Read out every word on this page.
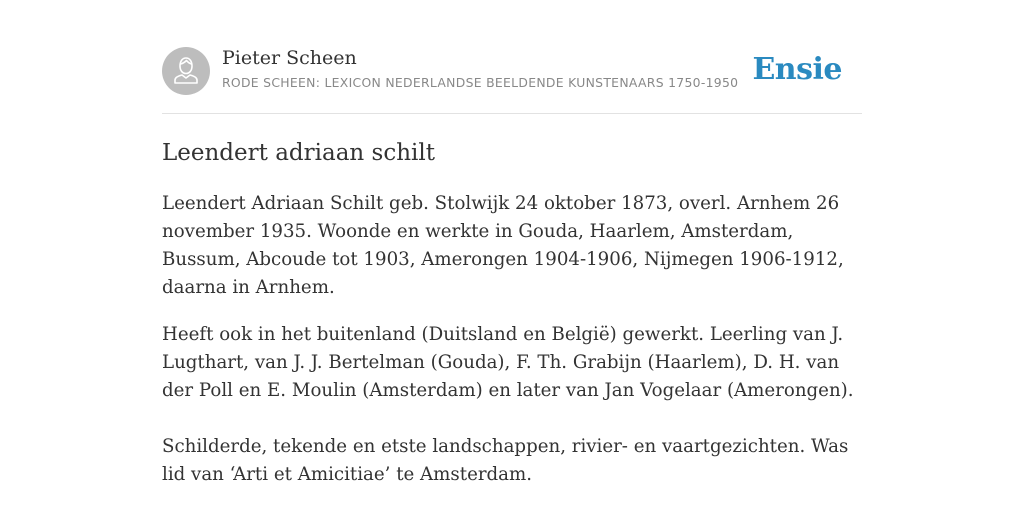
Pieter Scheen
RODE SCHEEN: LEXICON NEDERLANDSE BEELDENDE KUNSTENAARS 1750-1950 Ensie
Leendert adriaan schilt

Leendert Adriaan Schilt geb. Stolwijk 24 oktober 1873, overl. Arnhem 26 november 1935. Woonde en werkte in Gouda, Haarlem, Amsterdam, Bussum, Abcoude tot 1903, Amerongen 1904-1906, Nijmegen 1906-1912, daarna in Arnhem.

Heeft ook in het buitenland (Duitsland en België) gewerkt. Leerling van J. Lugthart, van J. J. Bertelman (Gouda), F. Th. Grabijn (Haarlem), D. H. van der Poll en E. Moulin (Amsterdam) en later van Jan Vogelaar (Amerongen).

Schilderde, tekende en etste landschappen, rivier- en vaartgezichten. Was lid van ‘Arti et Amicitiae’ te Amsterdam.
